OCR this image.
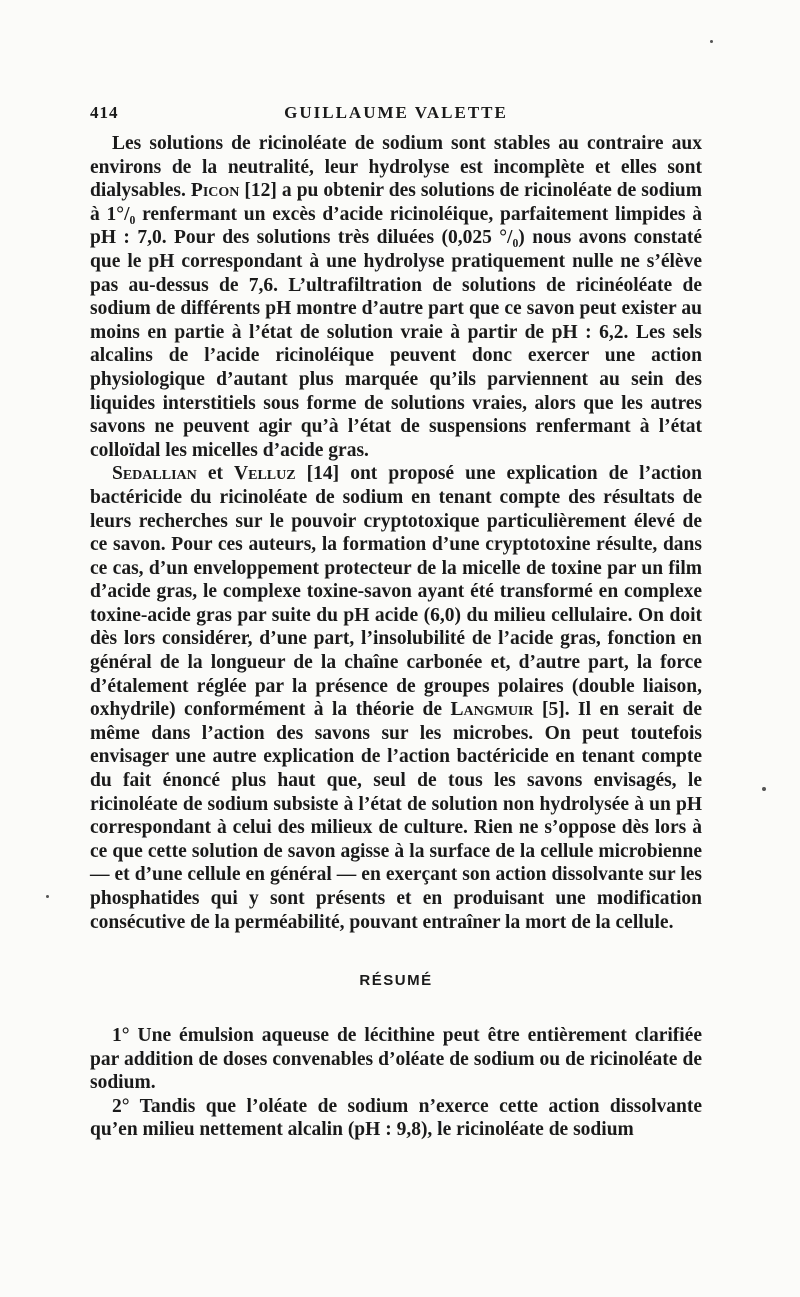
414	GUILLAUME VALETTE

Les solutions de ricinoléate de sodium sont stables au contraire aux environs de la neutralité, leur hydrolyse est incomplète et elles sont dialysables. Picon [12] a pu obtenir des solutions de ricinoléate de sodium à 1°/₀ renfermant un excès d’acide ricinoléique, parfaitement limpides à pH : 7,0. Pour des solutions très diluées (0,025 °/₀) nous avons constaté que le pH correspondant à une hydrolyse pratiquement nulle ne s’élève pas au-dessus de 7,6. L’ultrafiltration de solutions de ricinéoléate de sodium de différents pH montre d’autre part que ce savon peut exister au moins en partie à l’état de solution vraie à partir de pH : 6,2. Les sels alcalins de l’acide ricinoléique peuvent donc exercer une action physiologique d’autant plus marquée qu’ils parviennent au sein des liquides interstitiels sous forme de solutions vraies, alors que les autres savons ne peuvent agir qu’à l’état de suspensions renfermant à l’état colloïdal les micelles d’acide gras.

Sedallian et Velluz [14] ont proposé une explication de l’action bactéricide du ricinoléate de sodium en tenant compte des résultats de leurs recherches sur le pouvoir cryptotoxique particulièrement élevé de ce savon. Pour ces auteurs, la formation d’une cryptotoxine résulte, dans ce cas, d’un enveloppement protecteur de la micelle de toxine par un film d’acide gras, le complexe toxine-savon ayant été transformé en complexe toxine-acide gras par suite du pH acide (6,0) du milieu cellulaire. On doit dès lors considérer, d’une part, l’insolubilité de l’acide gras, fonction en général de la longueur de la chaîne carbonée et, d’autre part, la force d’étalement réglée par la présence de groupes polaires (double liaison, oxhydrile) conformément à la théorie de Langmuir [5]. Il en serait de même dans l’action des savons sur les microbes. On peut toutefois envisager une autre explication de l’action bactéricide en tenant compte du fait énoncé plus haut que, seul de tous les savons envisagés, le ricinoléate de sodium subsiste à l’état de solution non hydrolysée à un pH correspondant à celui des milieux de culture. Rien ne s’oppose dès lors à ce que cette solution de savon agisse à la surface de la cellule microbienne — et d’une cellule en général — en exerçant son action dissolvante sur les phosphatides qui y sont présents et en produisant une modification consécutive de la perméabilité, pouvant entraîner la mort de la cellule.

RÉSUMÉ

1° Une émulsion aqueuse de lécithine peut être entièrement clarifiée par addition de doses convenables d’oléate de sodium ou de ricinoléate de sodium.

2° Tandis que l’oléate de sodium n’exerce cette action dissolvante qu’en milieu nettement alcalin (pH : 9,8), le ricinoléate de sodium
